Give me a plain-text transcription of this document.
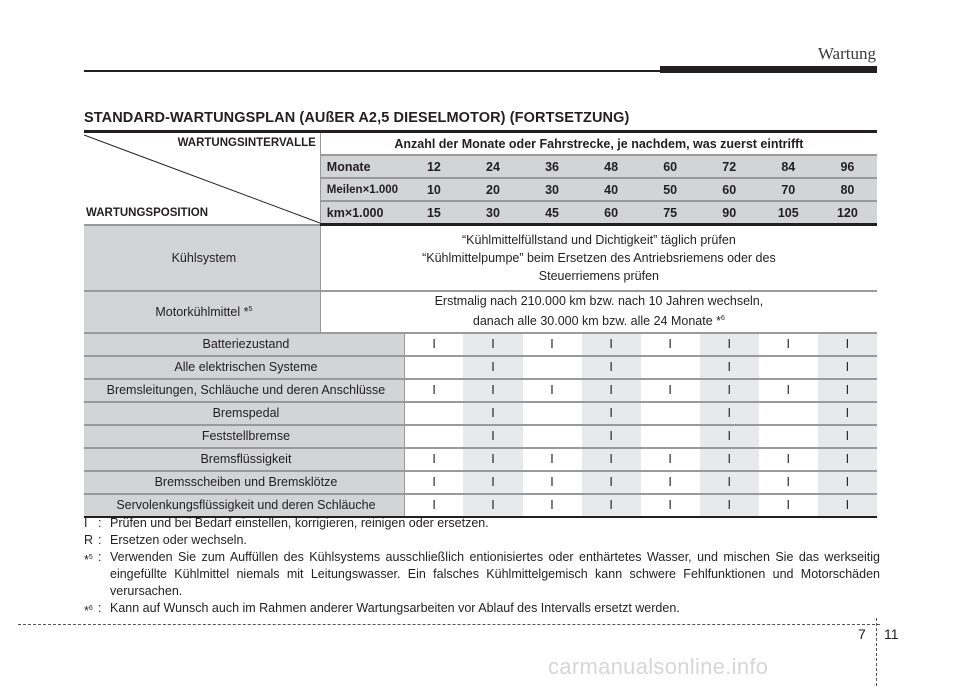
Wartung
STANDARD-WARTUNGSPLAN (AUßER A2,5 DIESELMOTOR) (FORTSETZUNG)
WARTUNGSINTERVALLE
WARTUNGSPOSITION	Anzahl der Monate oder Fahrstrecke, je nachdem, was zuerst eintrifft								
	Monate	12	24	36	48	60	72	84	96
	Meilen×1.000	10	20	30	40	50	60	70	80
	km×1.000	15	30	45	60	75	90	105	120
Kühlsystem	“Kühlmittelfüllstand und Dichtigkeit” täglich prüfen
“Kühlmittelpumpe” beim Ersetzen des Antriebsriemens oder des
Steuerriemens prüfen								

Motorkühlmittel *$^5$	Erstmalig nach 210.000 km bzw. nach 10 Jahren wechseln,
danach alle 30.000 km bzw. alle 24 Monate *$^6$

Batteriezustand		I	I	I	I	I	I	I	I
Alle elektrischen Systeme			I		I		I		I
Bremsleitungen, Schläuche und deren Anschlüsse		I	I	I	I	I	I	I	I
Bremspedal			I		I		I		I
Feststellbremse			I		I		I		I
Bremsflüssigkeit		I	I	I	I	I	I	I	I
Bremsscheiben und Bremsklötze		I	I	I	I	I	I	I	I
Servolenkungsflüssigkeit und deren Schläuche		I	I	I	I	I	I	I	I
I : Prüfen und bei Bedarf einstellen, korrigieren, reinigen oder ersetzen.
R : Ersetzen oder wechseln.
*$^5$ : Verwenden Sie zum Auffüllen des Kühlsystems ausschließlich entionisiertes oder enthärtetes Wasser, und mischen Sie das werkseitig eingefüllte Kühlmittel niemals mit Leitungswasser. Ein falsches Kühlmittelgemisch kann schwere Fehlfunktionen und Motorschäden verursachen.
*$^6$ : Kann auf Wunsch auch im Rahmen anderer Wartungsarbeiten vor Ablauf des Intervalls ersetzt werden.
7 11
carmanualsonline.info
